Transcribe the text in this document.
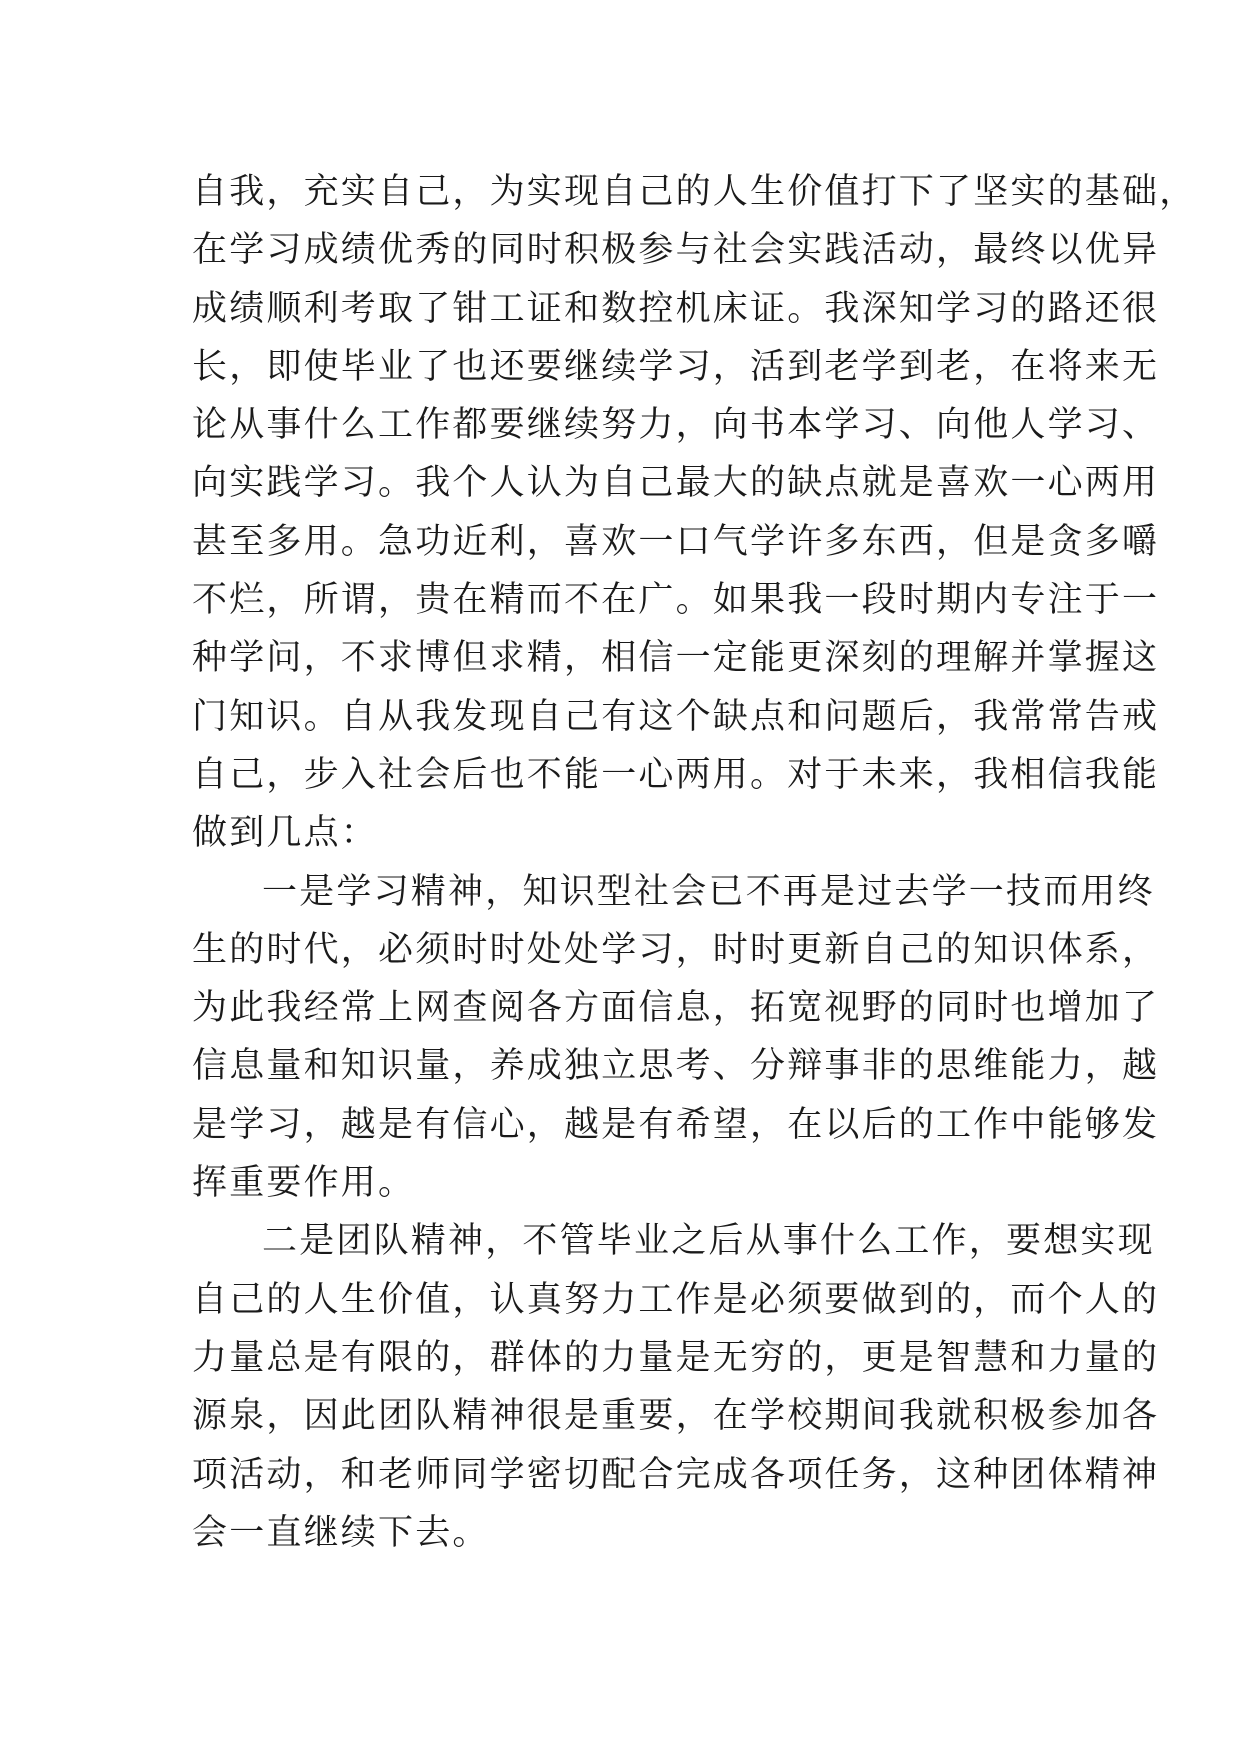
自我，充实自己，为实现自己的人生价值打下了坚实的基础，
在学习成绩优秀的同时积极参与社会实践活动，最终以优异
成绩顺利考取了钳工证和数控机床证。我深知学习的路还很
长，即使毕业了也还要继续学习，活到老学到老，在将来无
论从事什么工作都要继续努力，向书本学习、向他人学习、
向实践学习。我个人认为自己最大的缺点就是喜欢一心两用
甚至多用。急功近利，喜欢一口气学许多东西，但是贪多嚼
不烂，所谓，贵在精而不在广。如果我一段时期内专注于一
种学问，不求博但求精，相信一定能更深刻的理解并掌握这
门知识。自从我发现自己有这个缺点和问题后，我常常告戒
自己，步入社会后也不能一心两用。对于未来，我相信我能
做到几点：
一是学习精神，知识型社会已不再是过去学一技而用终
生的时代，必须时时处处学习，时时更新自己的知识体系，
为此我经常上网查阅各方面信息，拓宽视野的同时也增加了
信息量和知识量，养成独立思考、分辩事非的思维能力，越
是学习，越是有信心，越是有希望，在以后的工作中能够发
挥重要作用。
二是团队精神，不管毕业之后从事什么工作，要想实现
自己的人生价值，认真努力工作是必须要做到的，而个人的
力量总是有限的，群体的力量是无穷的，更是智慧和力量的
源泉，因此团队精神很是重要，在学校期间我就积极参加各
项活动，和老师同学密切配合完成各项任务，这种团体精神
会一直继续下去。
